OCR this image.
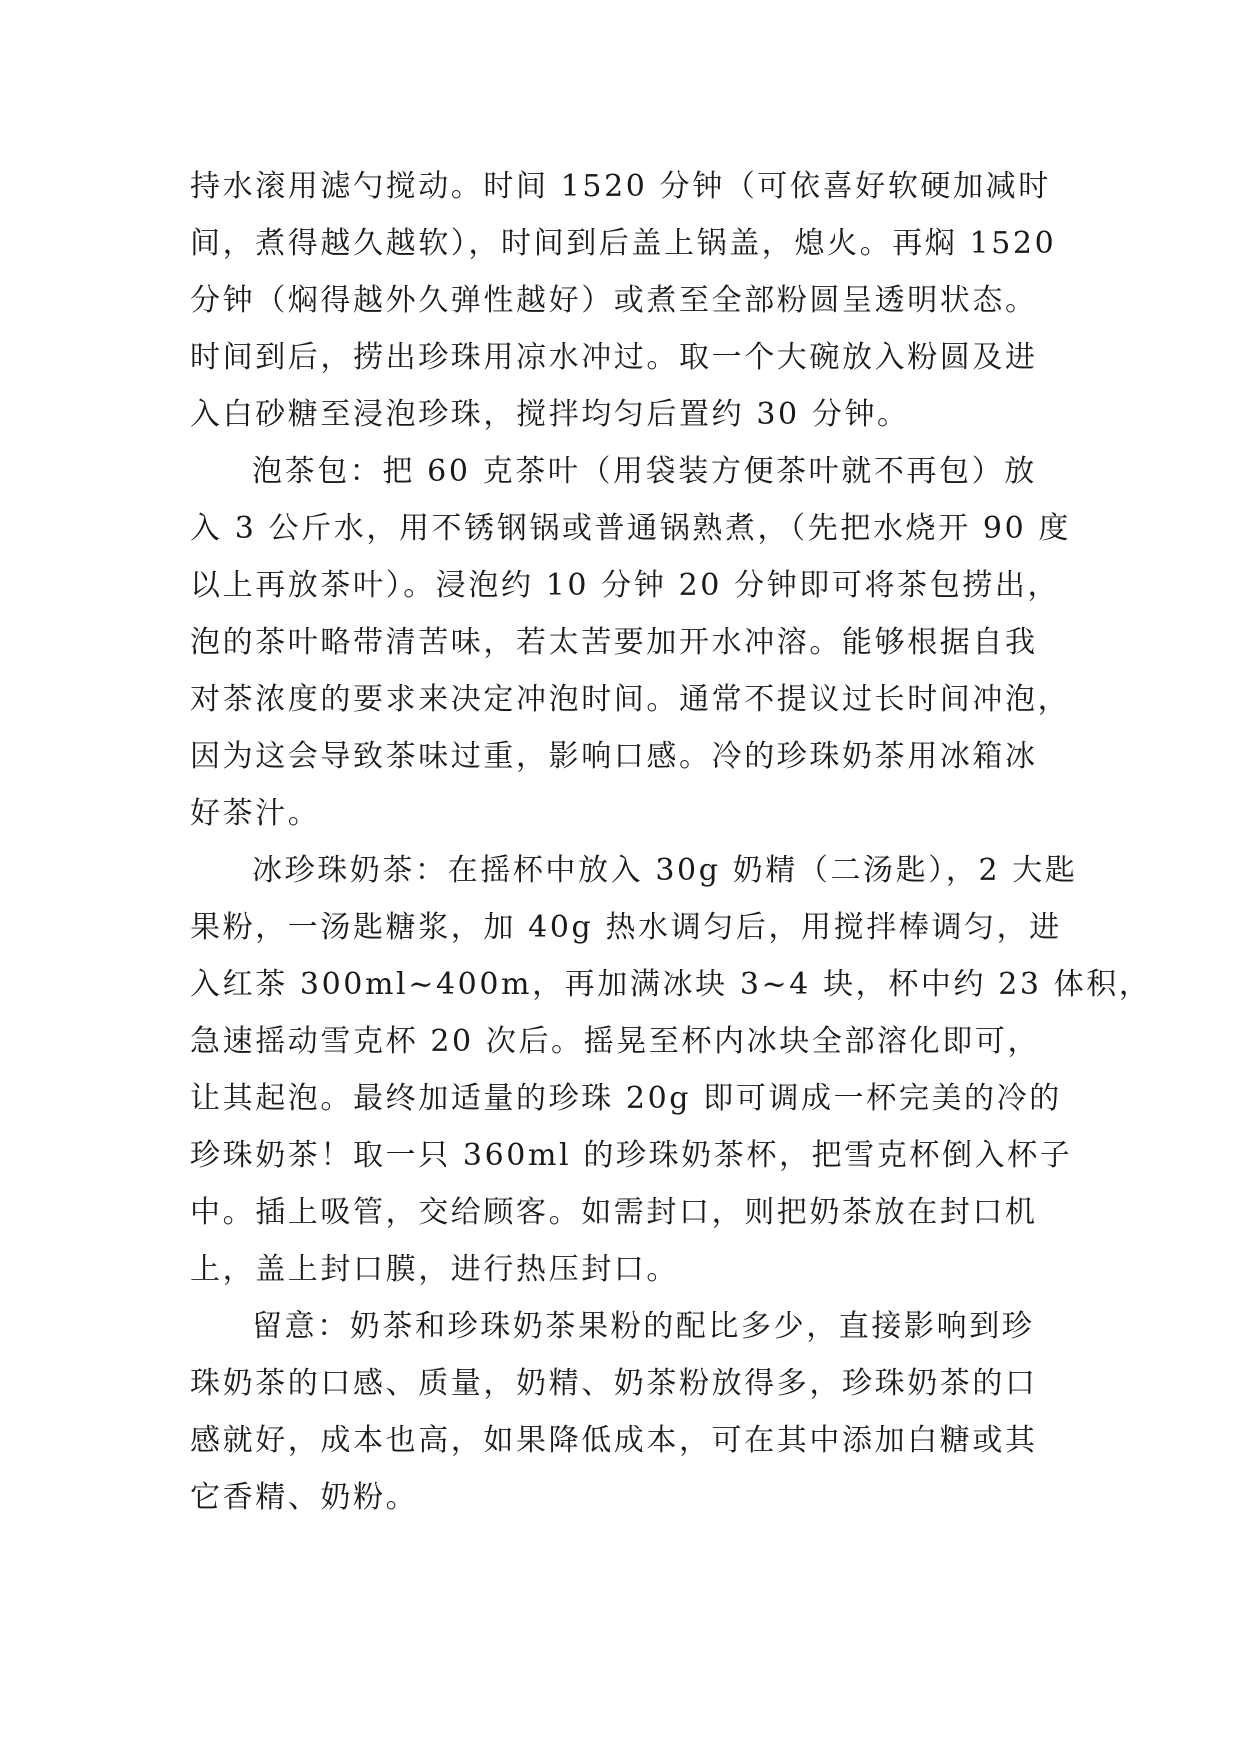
持水滚用滤勺搅动。时间 1520 分钟（可依喜好软硬加减时
间，煮得越久越软），时间到后盖上锅盖，熄火。再焖 1520
分钟（焖得越外久弹性越好）或煮至全部粉圆呈透明状态。
时间到后，捞出珍珠用凉水冲过。取一个大碗放入粉圆及进
入白砂糖至浸泡珍珠，搅拌均匀后置约 30 分钟。

泡茶包：把 60 克茶叶（用袋装方便茶叶就不再包）放
入 3 公斤水，用不锈钢锅或普通锅熟煮，（先把水烧开 90 度
以上再放茶叶）。浸泡约 10 分钟 20 分钟即可将茶包捞出，
泡的茶叶略带清苦味，若太苦要加开水冲溶。能够根据自我
对茶浓度的要求来决定冲泡时间。通常不提议过长时间冲泡，
因为这会导致茶味过重，影响口感。冷的珍珠奶茶用冰箱冰
好茶汁。

冰珍珠奶茶：在摇杯中放入 30g 奶精（二汤匙），2 大匙
果粉，一汤匙糖浆，加 40g 热水调匀后，用搅拌棒调匀，进
入红茶 300ml~400m，再加满冰块 3~4 块，杯中约 23 体积，
急速摇动雪克杯 20 次后。摇晃至杯内冰块全部溶化即可，
让其起泡。最终加适量的珍珠 20g 即可调成一杯完美的冷的
珍珠奶茶！取一只 360ml 的珍珠奶茶杯，把雪克杯倒入杯子
中。插上吸管，交给顾客。如需封口，则把奶茶放在封口机
上，盖上封口膜，进行热压封口。

留意：奶茶和珍珠奶茶果粉的配比多少，直接影响到珍
珠奶茶的口感、质量，奶精、奶茶粉放得多，珍珠奶茶的口
感就好，成本也高，如果降低成本，可在其中添加白糖或其
它香精、奶粉。
